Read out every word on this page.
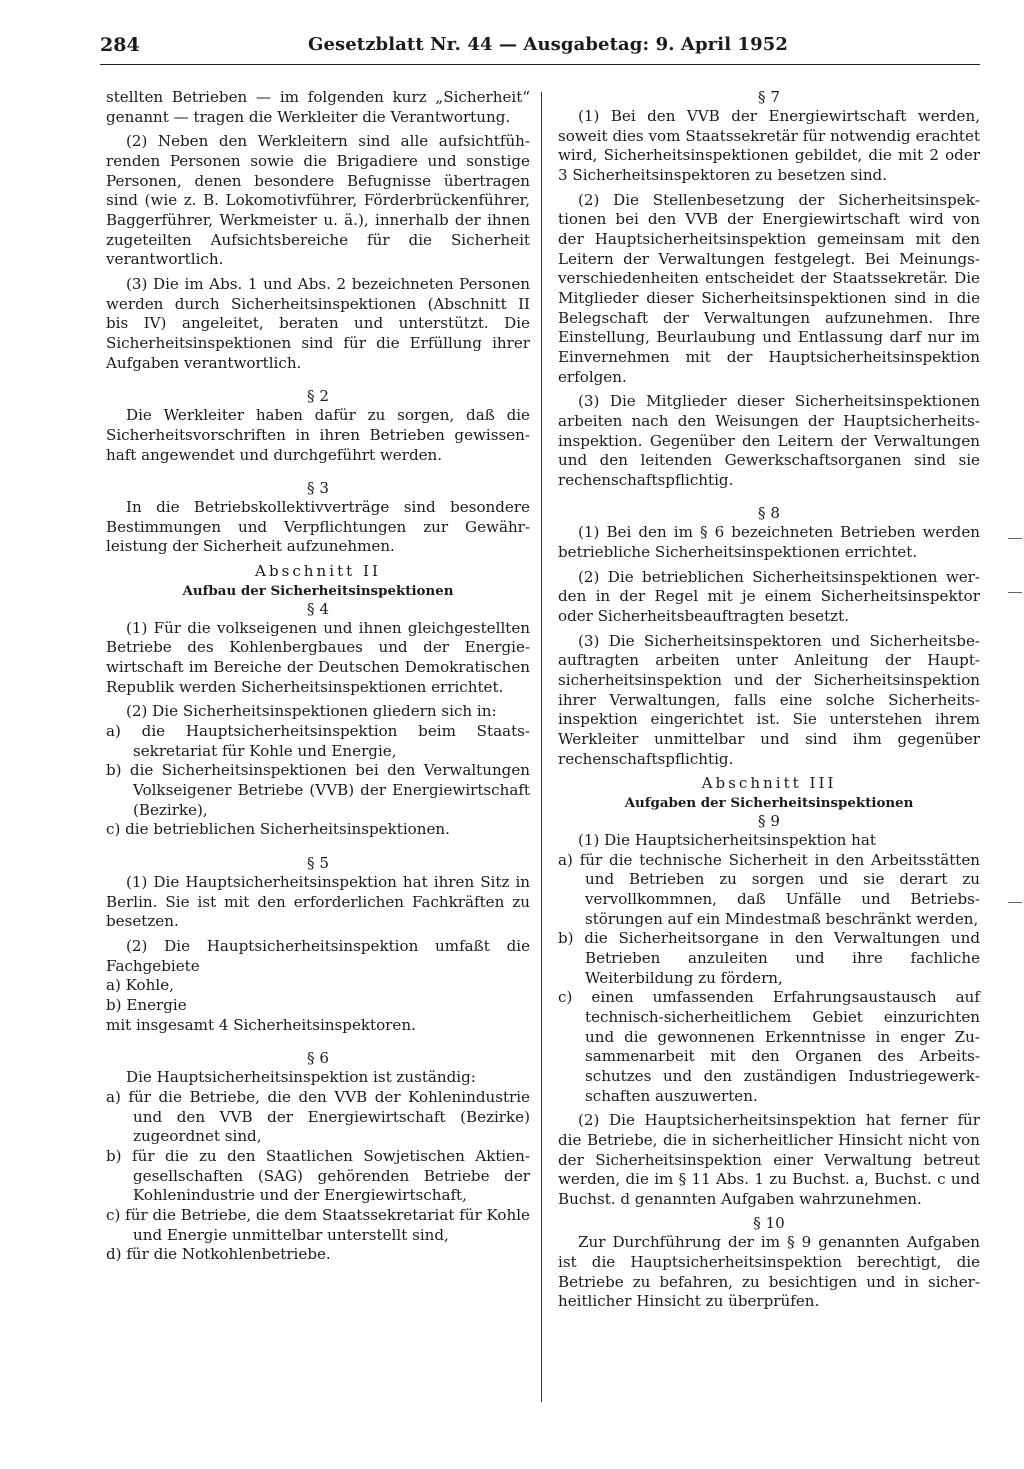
284	Gesetzblatt Nr. 44 — Ausgabetag: 9. April 1952

stellten Betrieben — im folgenden kurz „Sicherheit“ genannt — tragen die Werkleiter die Verantwortung.

(2) Neben den Werkleitern sind alle aufsichtführenden Personen sowie die Brigadiere und sonstige Personen, denen besondere Befugnisse übertragen sind (wie z. B. Lokomotivführer, Förderbrückenführer, Baggerführer, Werkmeister u. ä.), innerhalb der ihnen zugeteilten Aufsichtsbereiche für die Sicherheit verantwortlich.

(3) Die im Abs. 1 und Abs. 2 bezeichneten Personen werden durch Sicherheitsinspektionen (Abschnitt II bis IV) angeleitet, beraten und unterstützt. Die Sicherheitsinspektionen sind für die Erfüllung ihrer Aufgaben verantwortlich.

§ 2

Die Werkleiter haben dafür zu sorgen, daß die Sicherheitsvorschriften in ihren Betrieben gewissenhaft angewendet und durchgeführt werden.

§ 3

In die Betriebskollektivverträge sind besondere Bestimmungen und Verpflichtungen zur Gewährleistung der Sicherheit aufzunehmen.

Abschnitt II

Aufbau der Sicherheitsinspektionen

§ 4

(1) Für die volkseigenen und ihnen gleichgestellten Betriebe des Kohlenbergbaues und der Energiewirtschaft im Bereiche der Deutschen Demokratischen Republik werden Sicherheitsinspektionen errichtet.

(2) Die Sicherheitsinspektionen gliedern sich in:

a) die Hauptsicherheitsinspektion beim Staatssekretariat für Kohle und Energie,

b) die Sicherheitsinspektionen bei den Verwaltungen Volkseigener Betriebe (VVB) der Energiewirtschaft (Bezirke),

c) die betrieblichen Sicherheitsinspektionen.

§ 5

(1) Die Hauptsicherheitsinspektion hat ihren Sitz in Berlin. Sie ist mit den erforderlichen Fachkräften zu besetzen.

(2) Die Hauptsicherheitsinspektion umfaßt die Fachgebiete

a) Kohle,

b) Energie

mit insgesamt 4 Sicherheitsinspektoren.

§ 6

Die Hauptsicherheitsinspektion ist zuständig:

a) für die Betriebe, die den VVB der Kohlenindustrie und den VVB der Energiewirtschaft (Bezirke) zugeordnet sind,

b) für die zu den Staatlichen Sowjetischen Aktiengesellschaften (SAG) gehörenden Betriebe der Kohlenindustrie und der Energiewirtschaft,

c) für die Betriebe, die dem Staatssekretariat für Kohle und Energie unmittelbar unterstellt sind,

d) für die Notkohlenbetriebe.

§ 7

(1) Bei den VVB der Energiewirtschaft werden, soweit dies vom Staatssekretär für notwendig erachtet wird, Sicherheitsinspektionen gebildet, die mit 2 oder 3 Sicherheitsinspektoren zu besetzen sind.

(2) Die Stellenbesetzung der Sicherheitsinspektionen bei den VVB der Energiewirtschaft wird von der Hauptsicherheitsinspektion gemeinsam mit den Leitern der Verwaltungen festgelegt. Bei Meinungsverschiedenheiten entscheidet der Staatssekretär. Die Mitglieder dieser Sicherheitsinspektionen sind in die Belegschaft der Verwaltungen aufzunehmen. Ihre Einstellung, Beurlaubung und Entlassung darf nur im Einvernehmen mit der Hauptsicherheitsinspektion erfolgen.

(3) Die Mitglieder dieser Sicherheitsinspektionen arbeiten nach den Weisungen der Hauptsicherheitsinspektion. Gegenüber den Leitern der Verwaltungen und den leitenden Gewerkschaftsorganen sind sie rechenschaftspflichtig.

§ 8

(1) Bei den im § 6 bezeichneten Betrieben werden betriebliche Sicherheitsinspektionen errichtet.

(2) Die betrieblichen Sicherheitsinspektionen werden in der Regel mit je einem Sicherheitsinspektor oder Sicherheitsbeauftragten besetzt.

(3) Die Sicherheitsinspektoren und Sicherheitsbeauftragten arbeiten unter Anleitung der Hauptsicherheitsinspektion und der Sicherheitsinspektion ihrer Verwaltungen, falls eine solche Sicherheitsinspektion eingerichtet ist. Sie unterstehen ihrem Werkleiter unmittelbar und sind ihm gegenüber rechenschaftspflichtig.

Abschnitt III

Aufgaben der Sicherheitsinspektionen

§ 9

(1) Die Hauptsicherheitsinspektion hat

a) für die technische Sicherheit in den Arbeitsstätten und Betrieben zu sorgen und sie derart zu vervollkommnen, daß Unfälle und Betriebsstörungen auf ein Mindestmaß beschränkt werden,

b) die Sicherheitsorgane in den Verwaltungen und Betrieben anzuleiten und ihre fachliche Weiterbildung zu fördern,

c) einen umfassenden Erfahrungsaustausch auf technisch-sicherheitlichem Gebiet einzurichten und die gewonnenen Erkenntnisse in enger Zusammenarbeit mit den Organen des Arbeitsschutzes und den zuständigen Industriegewerkschaften auszuwerten.

(2) Die Hauptsicherheitsinspektion hat ferner für die Betriebe, die in sicherheitlicher Hinsicht nicht von der Sicherheitsinspektion einer Verwaltung betreut werden, die im § 11 Abs. 1 zu Buchst. a, Buchst. c und Buchst. d genannten Aufgaben wahrzunehmen.

§ 10

Zur Durchführung der im § 9 genannten Aufgaben ist die Hauptsicherheitsinspektion berechtigt, die Betriebe zu befahren, zu besichtigen und in sicherheitlicher Hinsicht zu überprüfen.
